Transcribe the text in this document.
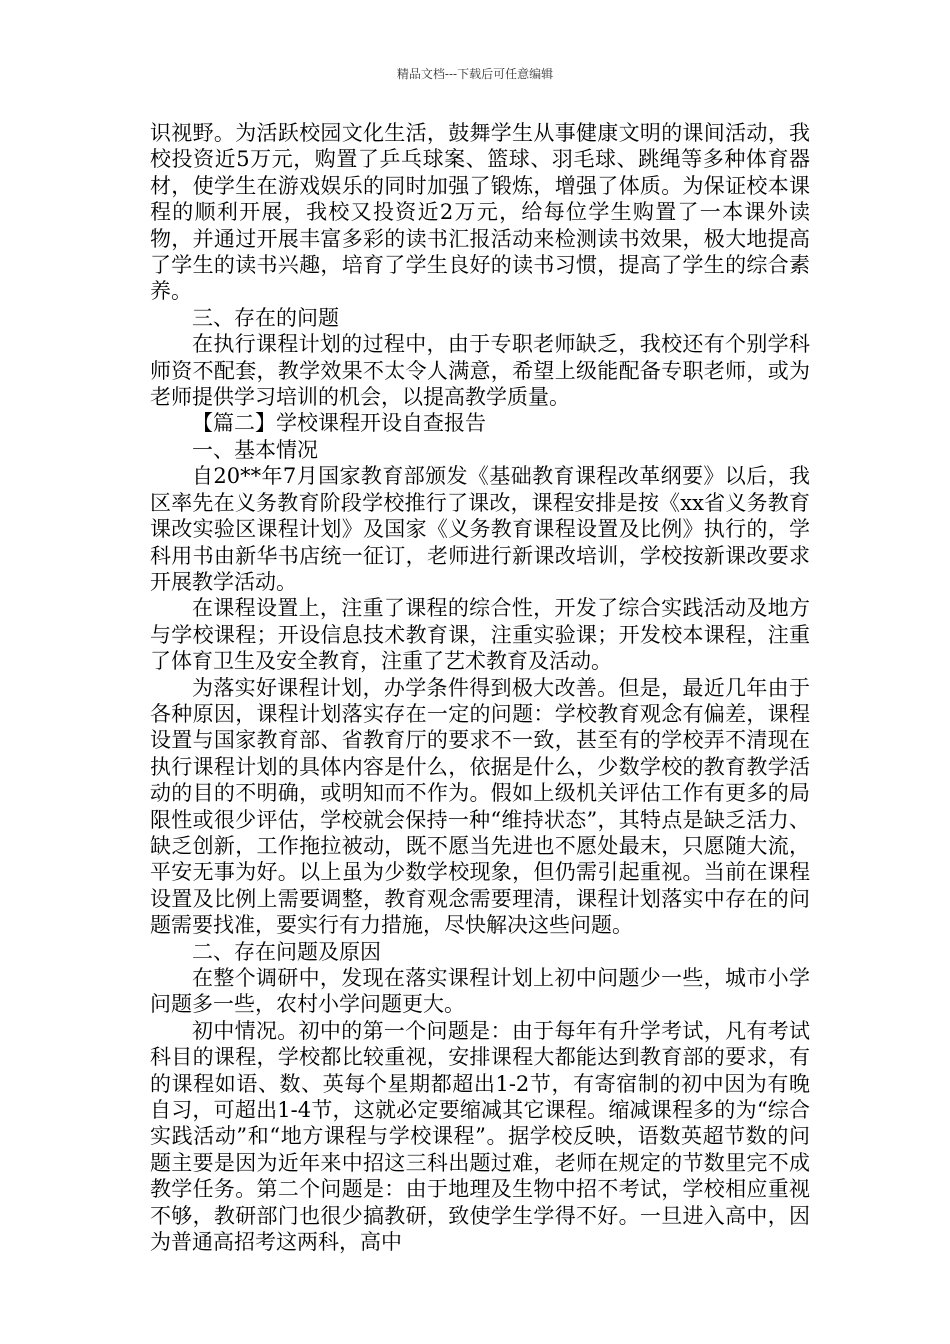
精品文档---下载后可任意编辑

识视野。为活跃校园文化生活，鼓舞学生从事健康文明的课间活动，我校投资近5万元，购置了乒乓球案、篮球、羽毛球、跳绳等多种体育器材，使学生在游戏娱乐的同时加强了锻炼，增强了体质。为保证校本课程的顺利开展，我校又投资近2万元，给每位学生购置了一本课外读物，并通过开展丰富多彩的读书汇报活动来检测读书效果，极大地提高了学生的读书兴趣，培育了学生良好的读书习惯，提高了学生的综合素养。

三、存在的问题

在执行课程计划的过程中，由于专职老师缺乏，我校还有个别学科师资不配套，教学效果不太令人满意，希望上级能配备专职老师，或为老师提供学习培训的机会，以提高教学质量。

【篇二】学校课程开设自查报告

一、基本情况

自20**年7月国家教育部颁发《基础教育课程改革纲要》以后，我区率先在义务教育阶段学校推行了课改，课程安排是按《xx省义务教育课改实验区课程计划》及国家《义务教育课程设置及比例》执行的，学科用书由新华书店统一征订，老师进行新课改培训，学校按新课改要求开展教学活动。

在课程设置上，注重了课程的综合性，开发了综合实践活动及地方与学校课程；开设信息技术教育课，注重实验课；开发校本课程，注重了体育卫生及安全教育，注重了艺术教育及活动。

为落实好课程计划，办学条件得到极大改善。但是，最近几年由于各种原因，课程计划落实存在一定的问题：学校教育观念有偏差，课程设置与国家教育部、省教育厅的要求不一致，甚至有的学校弄不清现在执行课程计划的具体内容是什么，依据是什么，少数学校的教育教学活动的目的不明确，或明知而不作为。假如上级机关评估工作有更多的局限性或很少评估，学校就会保持一种“维持状态”，其特点是缺乏活力、缺乏创新，工作拖拉被动，既不愿当先进也不愿处最末，只愿随大流，平安无事为好。以上虽为少数学校现象，但仍需引起重视。当前在课程设置及比例上需要调整，教育观念需要理清，课程计划落实中存在的问题需要找准，要实行有力措施，尽快解决这些问题。

二、存在问题及原因

在整个调研中，发现在落实课程计划上初中问题少一些，城市小学问题多一些，农村小学问题更大。

初中情况。初中的第一个问题是：由于每年有升学考试，凡有考试科目的课程，学校都比较重视，安排课程大都能达到教育部的要求，有的课程如语、数、英每个星期都超出1-2节，有寄宿制的初中因为有晚自习，可超出1-4节，这就必定要缩减其它课程。缩减课程多的为“综合实践活动”和“地方课程与学校课程”。据学校反映，语数英超节数的问题主要是因为近年来中招这三科出题过难，老师在规定的节数里完不成教学任务。第二个问题是：由于地理及生物中招不考试，学校相应重视不够，教研部门也很少搞教研，致使学生学得不好。一旦进入高中，因为普通高招考这两科，高中
